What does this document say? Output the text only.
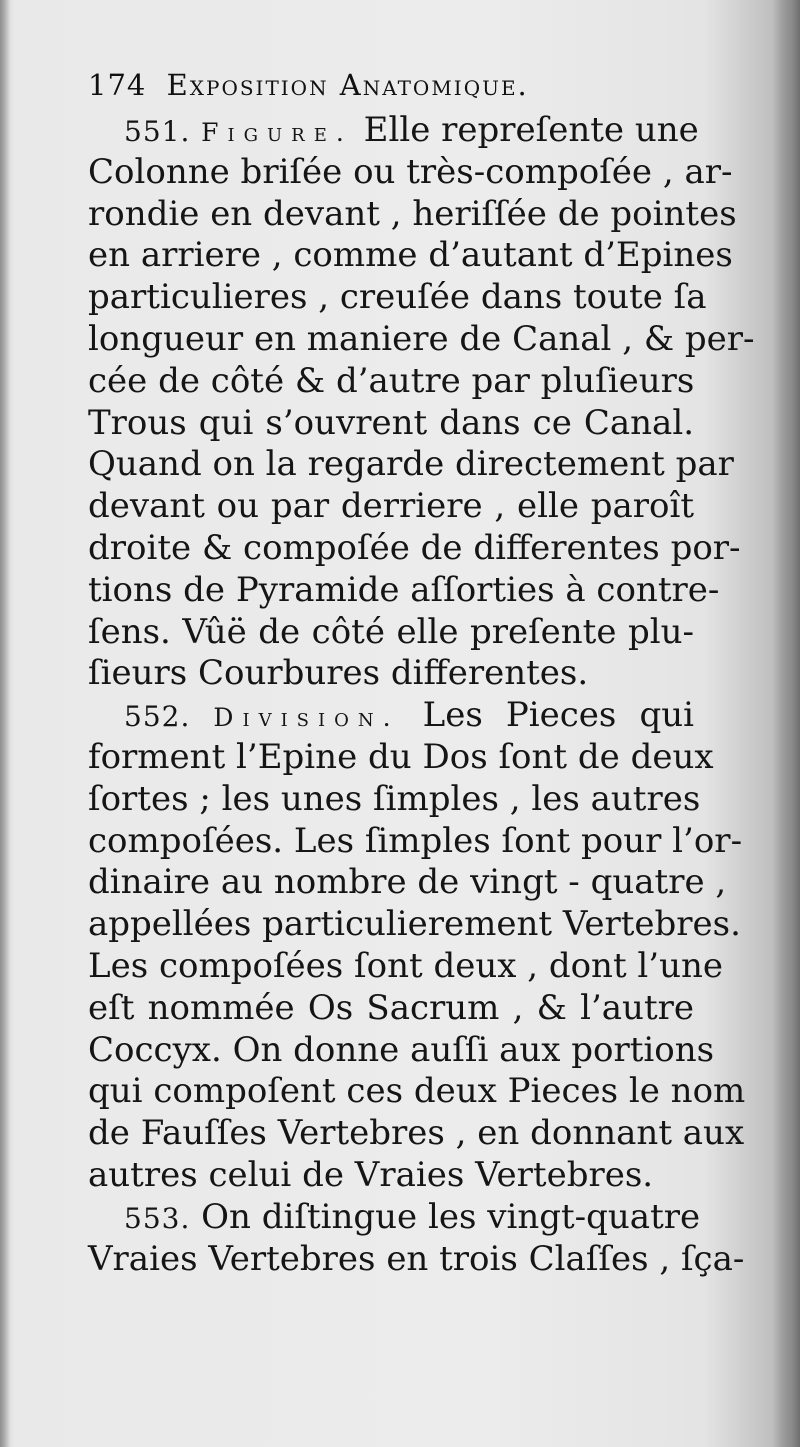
174 Exposition Anatomique.
551. Figure. Elle repreſente une
Colonne briſée ou très-compoſée , ar-
rondie en devant , heriſſée de pointes
en arriere , comme d’autant d’Epines
particulieres , creuſée dans toute ſa
longueur en maniere de Canal , & per-
cée de côté & d’autre par pluſieurs
Trous qui s’ouvrent dans ce Canal.
Quand on la regarde directement par
devant ou par derriere , elle paroît
droite & compoſée de differentes por-
tions de Pyramide aſſorties à contre-
ſens. Vûë de côté elle preſente plu-
ſieurs Courbures differentes.
552. Division. Les Pieces qui
forment l’Epine du Dos ſont de deux
ſortes ; les unes ſimples , les autres
compoſées. Les ſimples ſont pour l’or-
dinaire au nombre de vingt - quatre ,
appellées particulierement Vertebres.
Les compoſées ſont deux , dont l’une
eſt nommée Os Sacrum , & l’autre
Coccyx. On donne auſſi aux portions
qui compoſent ces deux Pieces le nom
de Fauſſes Vertebres , en donnant aux
autres celui de Vraies Vertebres.
553. On diſtingue les vingt-quatre
Vraies Vertebres en trois Claſſes , ſça-
